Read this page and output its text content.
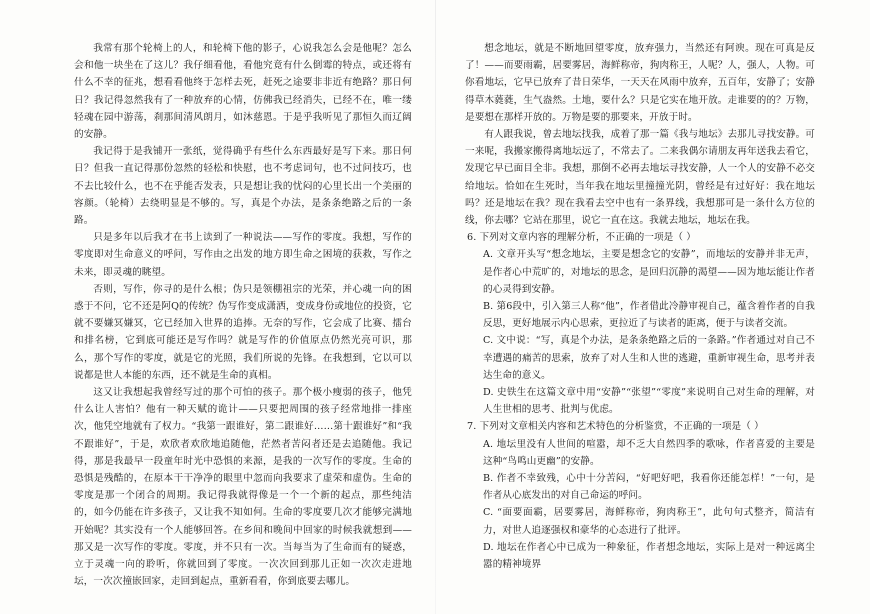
我常有那个轮椅上的人，和轮椅下他的影子，心说我怎么会是他呢？怎么会和他一块坐在了这儿？我仔细看他，看他究竟有什么倒霉的特点，或还将有什么不幸的征兆，想看看他终于怎样去死，赶死之途要非非近有绝路？那日何日？我记得忽然我有了一种放弃的心情，仿佛我已经消失，已经不在，唯一缕轻魂在园中游荡，刹那间清风朗月，如沐慈恩。于是乎我听见了那恒久而辽阔的安静。

我记得于是我铺开一张纸，觉得确乎有些什么东西最好是写下来。那日何日？但我一直记得那份忽然的轻松和快慰，也不考虑词句，也不过问技巧，也不去比较什么，也不在乎能否发表，只是想让我的忧闷的心里长出一个美丽的容颜。（轮椅）去绕明显是不够的。写，真是个办法，是条条绝路之后的一条路。

只是多年以后我才在书上读到了一种说法——写作的零度。我想，写作的零度即对生命意义的呼问，写作由之出发的地方即生命之困境的获救，写作之未来，即灵魂的眺望。

否则，写作，你寻的是什么根；伪只是领棚祖宗的光荣，并心魂一向的困惑于不问，它不还是阿Q的传统？伪写作变成潇洒，变成身份或地位的投资，它就不要嫌冥嫌冥，它已经加入世界的追捧。无奈的写作，它会成了比赛、擂台和排名榜，它到底可能还是写作吗？就是写作的价值原点仍然光亮可识，那么，那个写作的零度，就是它的光照，我们所说的先锋。在我想到，它以可以说都是世人本能的东西，还不就是生命的真相。

这又让我想起我曾经写过的那个可怕的孩子。那个极小瘦弱的孩子，他凭什么让人害怕？他有一种天赋的诡计——只要把周围的孩子经常地排一排座次，他凭空地就有了权力。“我第一跟谁好，第二跟谁好……第十跟谁好”和“我不跟谁好”，于是，欢欣者欢欣地追随他，茫然者苦闷者还是去追随他。我记得，那是我最早一段童年时光中恐惧的来源，是我的一次写作的零度。生命的恐惧是残酷的，在原本干干净净的眼里中忽而向我要求了虚荣和虚伪。生命的零度是那一个闭合的周期。我记得我就得像是一个一个新的起点，那些纯洁的，如今仍能在许多孩子，又让我不知如何。生命的零度要几次才能够完满地开始呢？其实没有一个人能够回答。在乡间和晚间中回家的时候我就想到——那又是一次写作的零度。零度，并不只有一次。当每当为了生命而有的疑惑，立于灵魂一向的聆听，你就回到了零度。一次次回到那儿正如一次次走进地坛，一次次撞嵌回家，走回到起点，重新看看，你到底要去哪儿。

想念地坛，就是不断地回望零度，放弃强力，当然还有阿谀。现在可真是反了！——而要雨霸，居要雾居，海鲜称帝，狗肉称王，人呢？人，强人，人物。可你看地坛，它早已放弃了昔日荣华，一天天在风雨中放弃，五百年，安静了；安静得草木蕤蕤，生气盎然。土地，要什么？只是它实在地开放。走谁要的的？万物，是要想在那样开放的。万物是要的那要来，开放于时。

有人跟我说，曾去地坛找我，成着了那一篇《我与地坛》去那儿寻找安静。可一来呢，我搬家搬得离地坛远了，不常去了。二来我偶尔请朋友再年送我去看它，发现它早已面目全非。我想，那倒不必再去地坛寻找安静，人一个人的安静不必交给地坛。恰如在生死时，当年我在地坛里撞撞光阴，曾经是有过好好：我在地坛吗？还是地坛在我？现在我看去空中也有一条界线，我想那可是一条什么方位的线，你去哪？它站在那里，说它一直在这。我就去地坛，地坛在我。

6. 下列对文章内容的理解分析，不正确的一项是（ ）

A. 文章开头写“想念地坛，主要是想念它的安静”，而地坛的安静并非无声，是作者心中荒旷的，对地坛的思念，是回归沉静的渴望——因为地坛能让作者的心灵得到安静。

B. 第6段中，引入第三人称“他”，作者借此冷静审视自己，蕴含着作者的自我反思，更好地展示内心思索，更拉近了与读者的距离，便于与读者交流。

C. 文中说：“写，真是个办法，是条条绝路之后的一条路。”作者通过对自己不幸遭遇的痛苦的思索，放弃了对人生和人世的逃避，重新审视生命，思考并表达生命的意义。

D. 史铁生在这篇文章中用“安静”“张望”“零度”来说明自己对生命的理解，对人生世相的思考、批判与优虑。

7. 下列对文章相关内容和艺术特色的分析鉴赏，不正确的一项是（ ）

A. 地坛里没有人世间的喧嚣，却不乏大自然四季的歌咏，作者喜爱的主要是这种“鸟鸣山更幽”的安静。

B. 作者不幸致残，心中十分苦闷，“好吧好吧，我看你还能怎样！”一句，是作者从心底发出的对自己命运的呼问。

C. “面要面霸，居要雾居，海鲜称帝，狗肉称王”，此句句式整齐，简洁有力，对世人追逐强权和豪华的心态进行了批评。

D. 地坛在作者心中已成为一种象征，作者想念地坛，实际上是对一种远离尘嚣的精神境界
